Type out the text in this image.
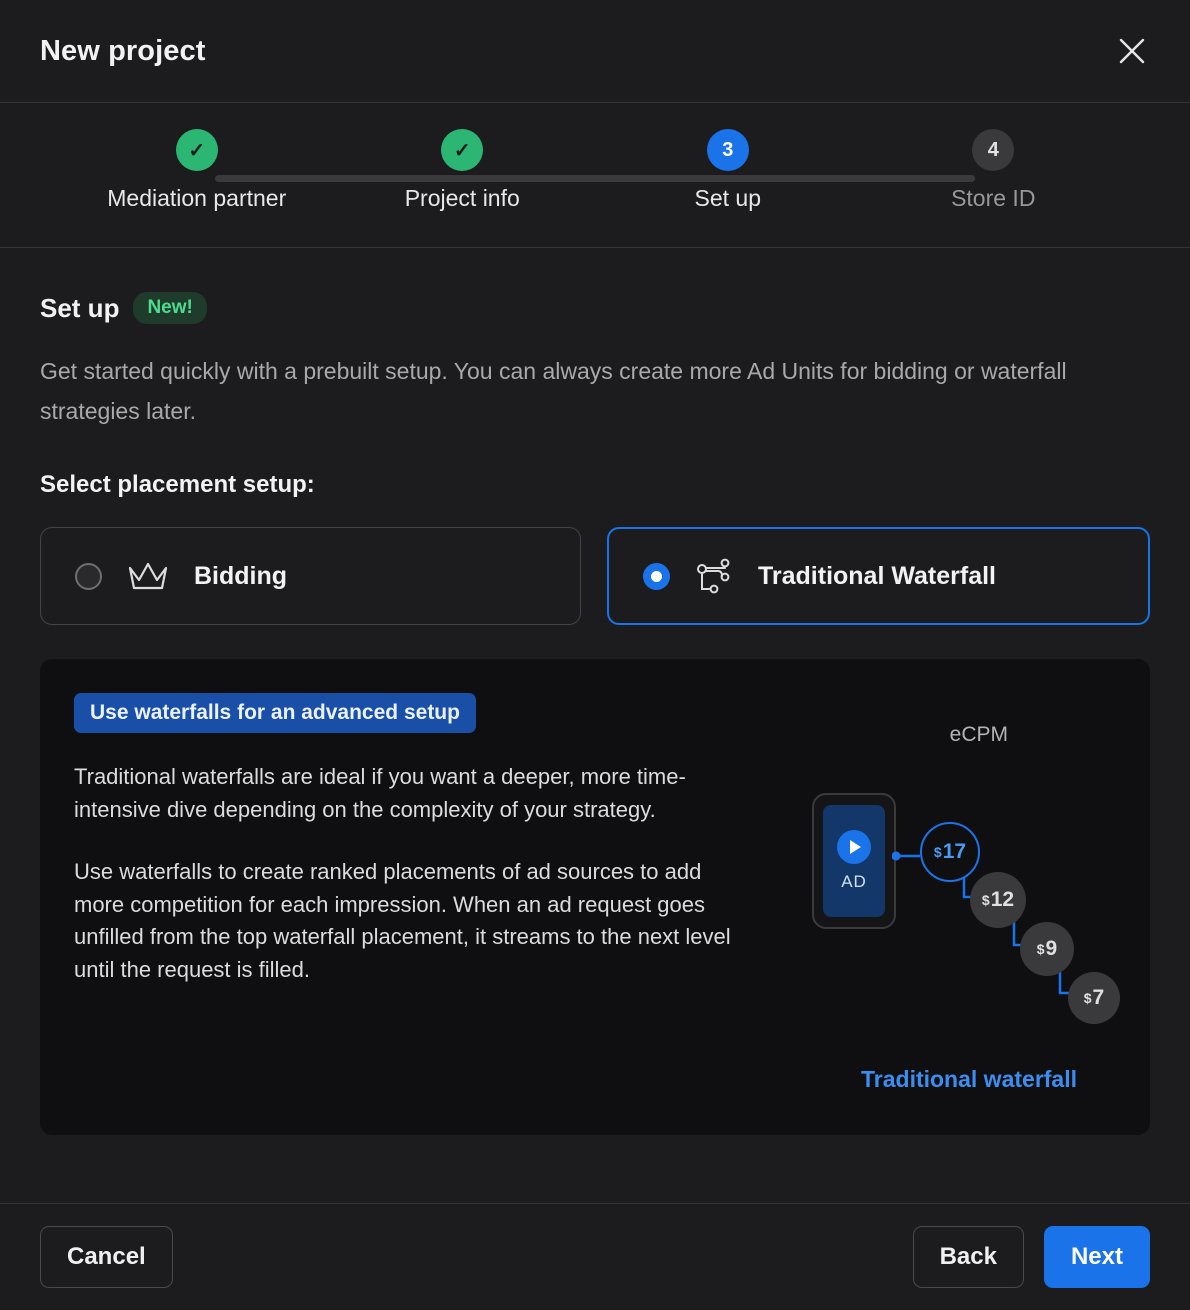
New project
✓
Mediation partner
✓
Project info
3
Set up
4
Store ID
Set up	New!
Get started quickly with a prebuilt setup. You can always create more Ad Units for bidding or waterfall strategies later.
Select placement setup:
Bidding	Traditional Waterfall
Use waterfalls for an advanced setup
Traditional waterfalls are ideal if you want a deeper, more time-intensive dive depending on the complexity of your strategy.
Use waterfalls to create ranked placements of ad sources to add more competition for each impression. When an ad request goes unfilled from the top waterfall placement, it streams to the next level until the request is filled.
eCPM
AD
$ 17
$ 12
$ 9
$ 7
Traditional waterfall
Cancel	Back	Next
